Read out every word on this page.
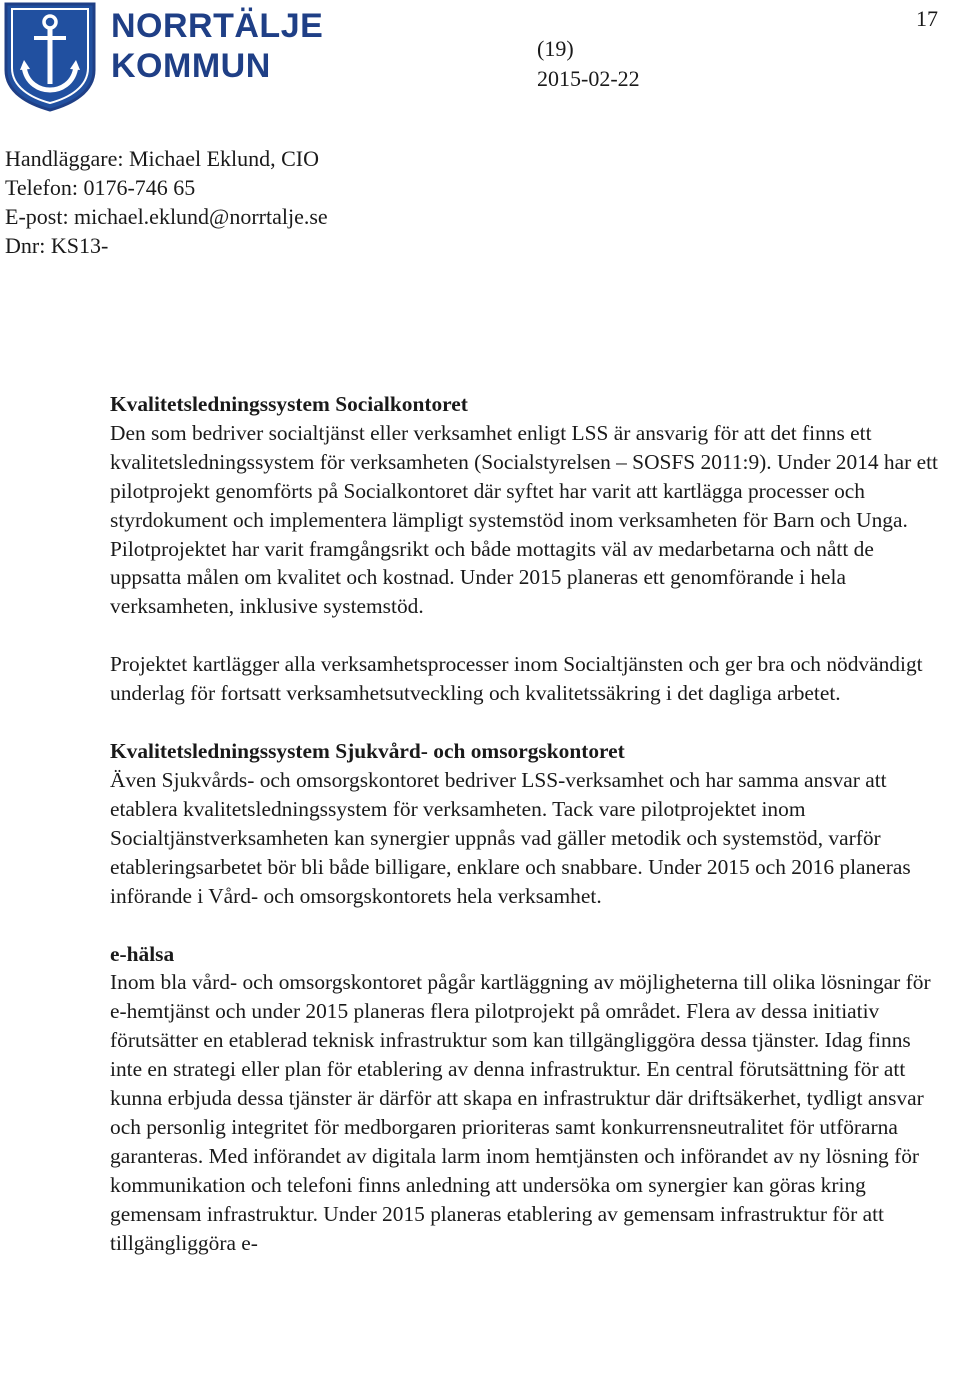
17
NORRTÄLJE
KOMMUN	(19)
2015-02-22
Handläggare: Michael Eklund, CIO
Telefon: 0176-746 65
E-post: michael.eklund@norrtalje.se
Dnr: KS13-
Kvalitetsledningssystem Socialkontoret

Den som bedriver socialtjänst eller verksamhet enligt LSS är ansvarig för att det finns ett kvalitetsledningssystem för verksamheten (Socialstyrelsen – SOSFS 2011:9). Under 2014 har ett pilotprojekt genomförts på Socialkontoret där syftet har varit att kartlägga processer och styrdokument och implementera lämpligt systemstöd inom verksamheten för Barn och Unga. Pilotprojektet har varit framgångsrikt och både mottagits väl av medarbetarna och nått de uppsatta målen om kvalitet och kostnad. Under 2015 planeras ett genomförande i hela verksamheten, inklusive systemstöd.

Projektet kartlägger alla verksamhetsprocesser inom Socialtjänsten och ger bra och nödvändigt underlag för fortsatt verksamhetsutveckling och kvalitetssäkring i det dagliga arbetet.

Kvalitetsledningssystem Sjukvård- och omsorgskontoret

Även Sjukvårds- och omsorgskontoret bedriver LSS-verksamhet och har samma ansvar att etablera kvalitetsledningssystem för verksamheten. Tack vare pilotprojektet inom Socialtjänstverksamheten kan synergier uppnås vad gäller metodik och systemstöd, varför etableringsarbetet bör bli både billigare, enklare och snabbare. Under 2015 och 2016 planeras införande i Vård- och omsorgskontorets hela verksamhet.

e-hälsa

Inom bla vård- och omsorgskontoret pågår kartläggning av möjligheterna till olika lösningar för e-hemtjänst och under 2015 planeras flera pilotprojekt på området. Flera av dessa initiativ förutsätter en etablerad teknisk infrastruktur som kan tillgängliggöra dessa tjänster. Idag finns inte en strategi eller plan för etablering av denna infrastruktur. En central förutsättning för att kunna erbjuda dessa tjänster är därför att skapa en infrastruktur där driftsäkerhet, tydligt ansvar och personlig integritet för medborgaren prioriteras samt konkurrensneutralitet för utförarna garanteras. Med införandet av digitala larm inom hemtjänsten och införandet av ny lösning för kommunikation och telefoni finns anledning att undersöka om synergier kan göras kring gemensam infrastruktur. Under 2015 planeras etablering av gemensam infrastruktur för att tillgängliggöra e-
